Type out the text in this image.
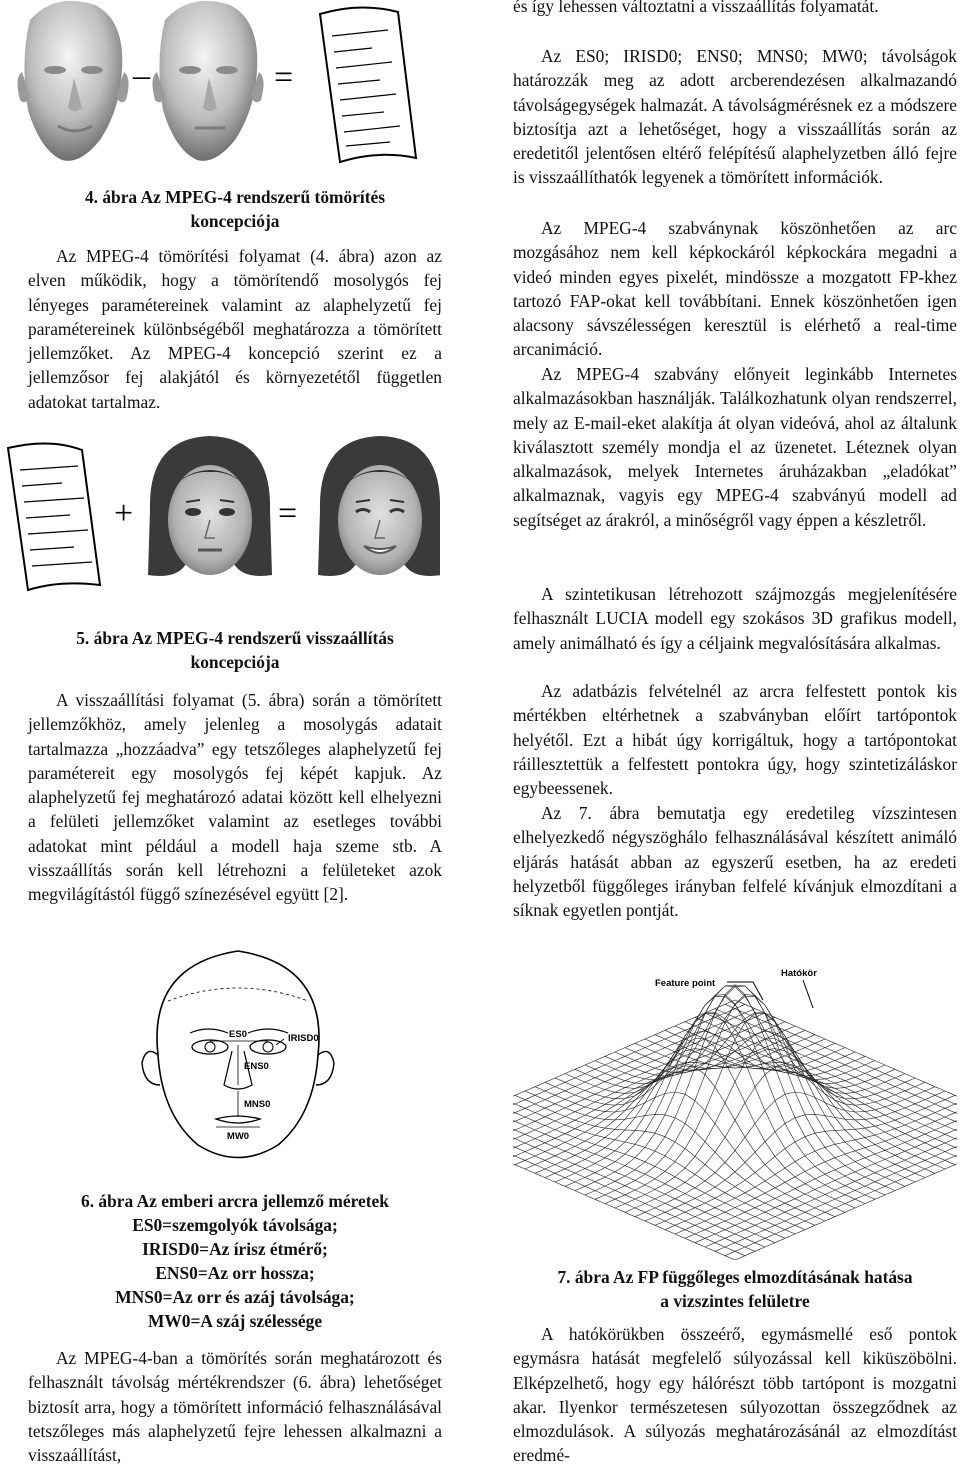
–	=

4. ábra Az MPEG-4 rendszerű tömörítés
koncepciója

Az MPEG-4 tömörítési folyamat (4. ábra) azon az elven működik, hogy a tömörítendő mosolygós fej lényeges paramétereinek valamint az alaphelyzetű fej paramétereinek különbségéből meghatározza a tömörített jellemzőket. Az MPEG-4 koncepció szerint ez a jellemzősor fej alakjától és környezetétől független adatokat tartalmaz.

+	=

5. ábra Az MPEG-4 rendszerű visszaállítás
koncepciója

A visszaállítási folyamat (5. ábra) során a tömörített jellemzőkhöz, amely jelenleg a mosolygás adatait tartalmazza „hozzáadva” egy tetszőleges alaphelyzetű fej paramétereit egy mosolygós fej képét kapjuk. Az alaphelyzetű fej meghatározó adatai között kell elhelyezni a felületi jellemzőket valamint az esetleges további adatokat mint például a modell haja szeme stb. A visszaállítás során kell létrehozni a felületeket azok megvilágítástól függő színezésével együtt [2].

ES0	IRISD0
ENS0
MNS0
MW0

6. ábra Az emberi arcra jellemző méretek
ES0=szemgolyók távolsága;
IRISD0=Az írisz étmérő;
ENS0=Az orr hossza;
MNS0=Az orr és azáj távolsága;
MW0=A száj szélessége

Az MPEG-4-ban a tömörítés során meghatározott és felhasznált távolság mértékrendszer (6. ábra) lehetőséget biztosít arra, hogy a tömörített információ felhasználásával tetszőleges más alaphelyzetű fejre lehessen alkalmazni a visszaállítást,

és így lehessen változtatni a visszaállítás folyamatát.

Az ES0; IRISD0; ENS0; MNS0; MW0; távolságok határozzák meg az adott arcberendezésen alkalmazandó távolságegységek halmazát. A távolságmérésnek ez a módszere biztosítja azt a lehetőséget, hogy a visszaállítás során az eredetitől jelentősen eltérő felépítésű alaphelyzetben álló fejre is visszaállíthatók legyenek a tömörített információk.

Az MPEG-4 szabványnak köszönhetően az arc mozgásához nem kell képkockáról képkockára megadni a videó minden egyes pixelét, mindössze a mozgatott FP-khez tartozó FAP-okat kell továbbítani. Ennek köszönhetően igen alacsony sávszélességen keresztül is elérhető a real-time arcanimáció.

Az MPEG-4 szabvány előnyeit leginkább Internetes alkalmazásokban használják. Találkozhatunk olyan rendszerrel, mely az E-mail-eket alakítja át olyan videóvá, ahol az általunk kiválasztott személy mondja el az üzenetet. Léteznek olyan alkalmazások, melyek Internetes áruházakban „eladókat” alkalmaznak, vagyis egy MPEG-4 szabványú modell ad segítséget az árakról, a minőségről vagy éppen a készletről.

A szintetikusan létrehozott szájmozgás megjelenítésére felhasznált LUCIA modell egy szokásos 3D grafikus modell, amely animálható és így a céljaink megvalósítására alkalmas.

Az adatbázis felvételnél az arcra felfestett pontok kis mértékben eltérhetnek a szabványban előírt tartópontok helyétől. Ezt a hibát úgy korrigáltuk, hogy a tartópontokat ráillesztettük a felfestett pontokra úgy, hogy szintetizáláskor egybeessenek.

Az 7. ábra bemutatja egy eredetileg vízszintesen elhelyezkedő négyszöghálo felhasználásával készített animáló eljárás hatását abban az egyszerű esetben, ha az eredeti helyzetből függőleges irányban felfelé kívánjuk elmozdítani a síknak egyetlen pontját.

Feature point
Hatókör

7. ábra Az FP függőleges elmozdításának hatása
a vizszintes felületre

A hatókörükben összeérő, egymásmellé eső pontok egymásra hatását megfelelő súlyozással kell kiküszöbölni. Elképzelhető, hogy egy hálórészt több tartópont is mozgatni akar. Ilyenkor természetesen súlyozottan összegződnek az elmozdulások. A súlyozás meghatározásánál az elmozdítást eredmé-
